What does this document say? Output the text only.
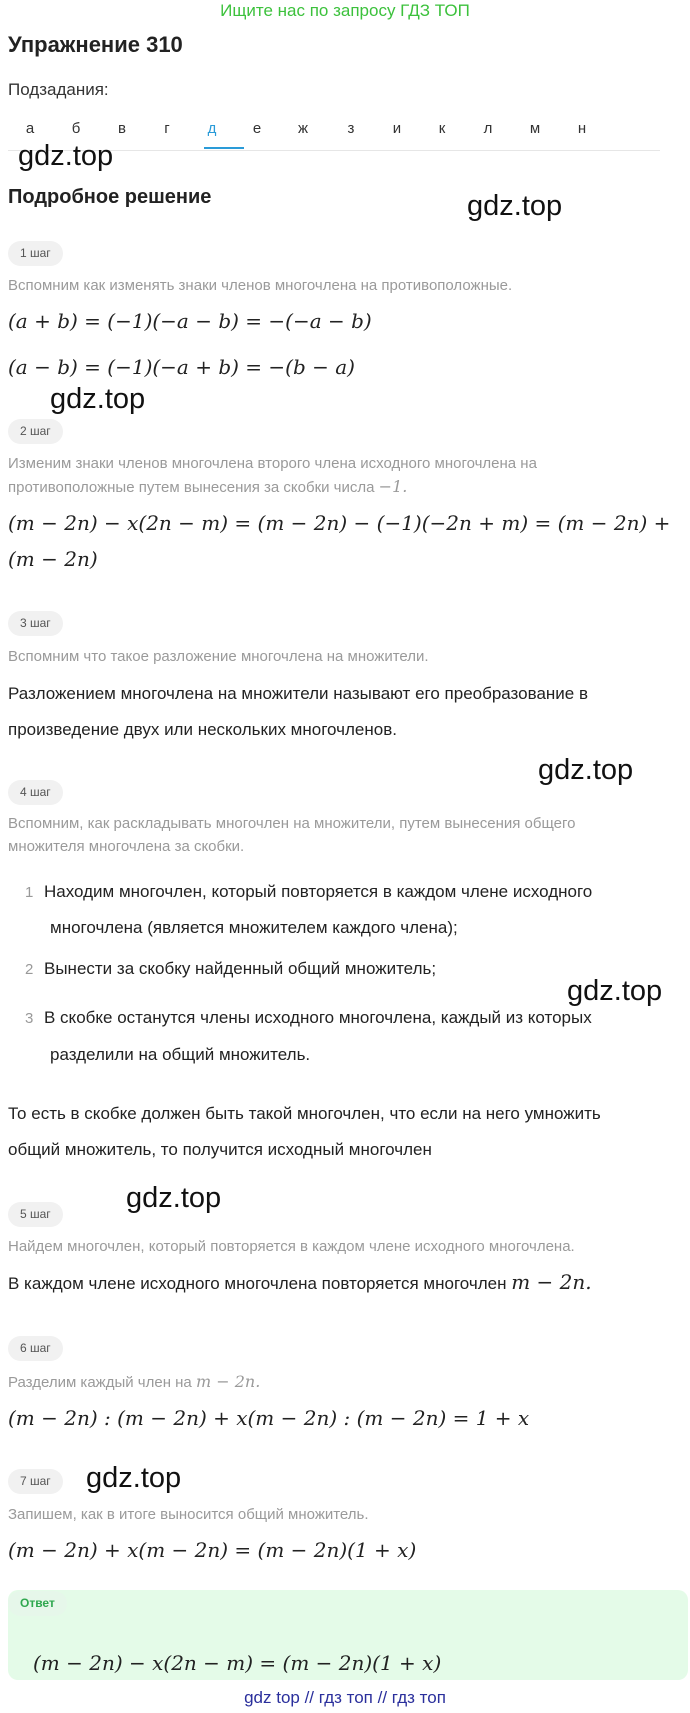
Ищите нас по запросу ГДЗ ТОП
Упражнение 310
Подзадания:
а	б	в	г	д	е	ж	з	и	к	л	м	н
gdz.top
gdz.top
gdz.top
gdz.top
gdz.top
gdz.top
gdz.top
Подробное решение
1 шаг
Вспомним как изменять знаки членов многочлена на противоположные.
(a + b) = (−1)(−a − b) = −(−a − b)
(a − b) = (−1)(−a + b) = −(b − a)
2 шаг
Изменим знаки членов многочлена второго члена исходного многочлена на
противоположные путем вынесения за скобки числа −1.
(m − 2n) − x(2n − m) = (m − 2n) − (−1)(−2n + m) = (m − 2n) +
(m − 2n)
3 шаг
Вспомним что такое разложение многочлена на множители.
Разложением многочлена на множители называют его преобразование в
произведение двух или нескольких многочленов.
4 шаг
Вспомним, как раскладывать многочлен на множители, путем вынесения общего
множителя многочлена за скобки.
1 Находим многочлен, который повторяется в каждом члене исходного
многочлена (является множителем каждого члена);
2 Вынести за скобку найденный общий множитель;
3 В скобке останутся члены исходного многочлена, каждый из которых
разделили на общий множитель.
То есть в скобке должен быть такой многочлен, что если на него умножить
общий множитель, то получится исходный многочлен
5 шаг
Найдем многочлен, который повторяется в каждом члене исходного многочлена.
В каждом члене исходного многочлена повторяется многочлен m − 2n.
6 шаг
Разделим каждый член на m − 2n.
(m − 2n) : (m − 2n) + x(m − 2n) : (m − 2n) = 1 + x
7 шаг
Запишем, как в итоге выносится общий множитель.
(m − 2n) + x(m − 2n) = (m − 2n)(1 + x)
Ответ
(m − 2n) − x(2n − m) = (m − 2n)(1 + x)
gdz top // гдз топ // гдз топ
